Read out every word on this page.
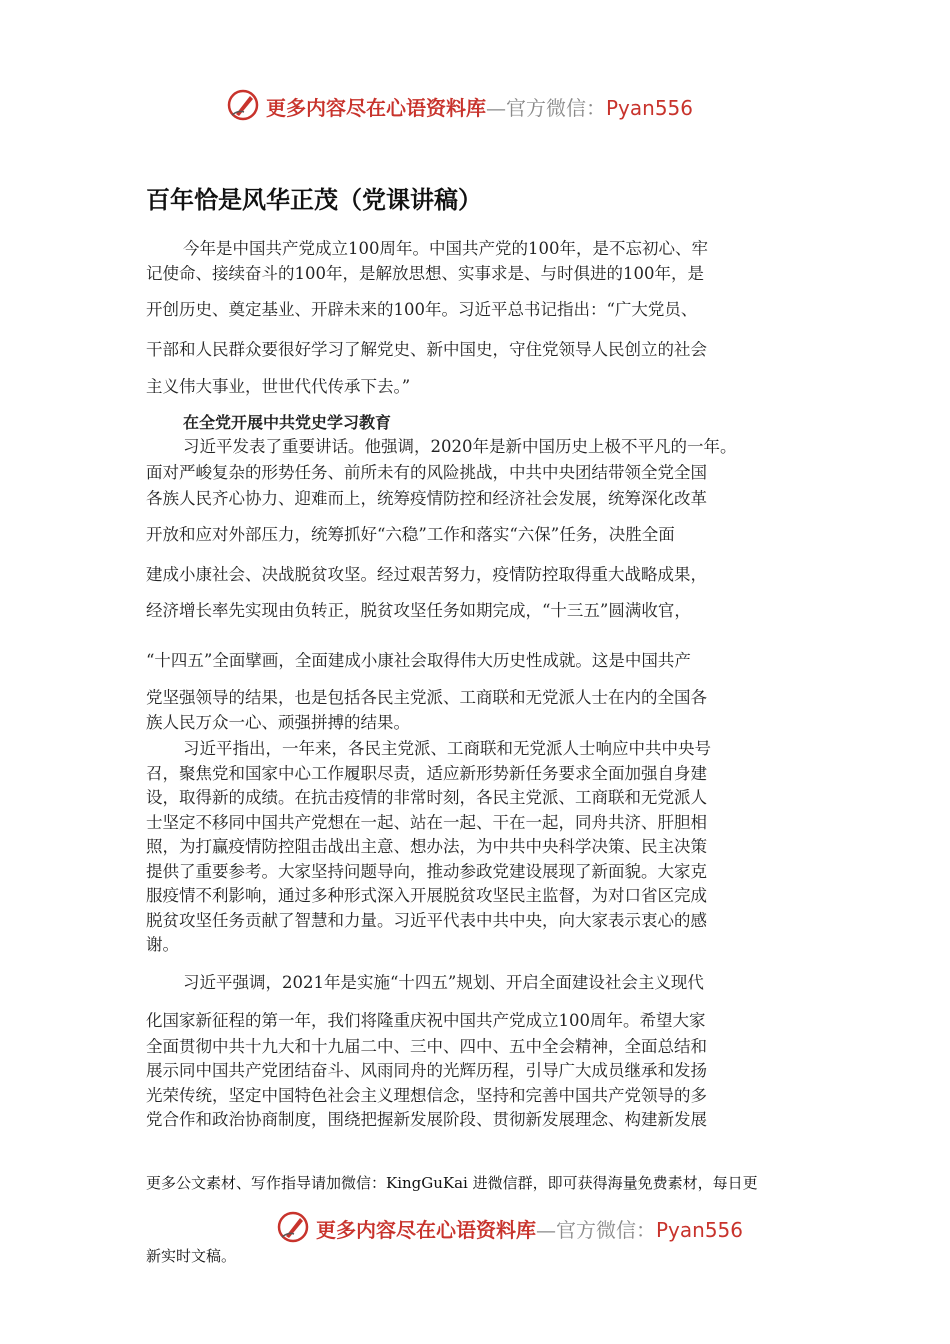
更多内容尽在心语资料库—官方微信：Pyan556
百年恰是风华正茂（党课讲稿）
今年是中国共产党成立100周年。中国共产党的100年，是不忘初心、牢
记使命、接续奋斗的100年，是解放思想、实事求是、与时俱进的100年，是
开创历史、奠定基业、开辟未来的100年。习近平总书记指出：“广大党员、
干部和人民群众要很好学习了解党史、新中国史，守住党领导人民创立的社会
主义伟大事业，世世代代传承下去。”
在全党开展中共党史学习教育
习近平发表了重要讲话。他强调，2020年是新中国历史上极不平凡的一年。
面对严峻复杂的形势任务、前所未有的风险挑战，中共中央团结带领全党全国
各族人民齐心协力、迎难而上，统筹疫情防控和经济社会发展，统筹深化改革
开放和应对外部压力，统筹抓好“六稳”工作和落实“六保”任务，决胜全面
建成小康社会、决战脱贫攻坚。经过艰苦努力，疫情防控取得重大战略成果，
经济增长率先实现由负转正，脱贫攻坚任务如期完成，“十三五”圆满收官，
“十四五”全面擘画，全面建成小康社会取得伟大历史性成就。这是中国共产
党坚强领导的结果，也是包括各民主党派、工商联和无党派人士在内的全国各
族人民万众一心、顽强拼搏的结果。
习近平指出，一年来，各民主党派、工商联和无党派人士响应中共中央号
召，聚焦党和国家中心工作履职尽责，适应新形势新任务要求全面加强自身建
设，取得新的成绩。在抗击疫情的非常时刻，各民主党派、工商联和无党派人
士坚定不移同中国共产党想在一起、站在一起、干在一起，同舟共济、肝胆相
照，为打赢疫情防控阻击战出主意、想办法，为中共中央科学决策、民主决策
提供了重要参考。大家坚持问题导向，推动参政党建设展现了新面貌。大家克
服疫情不利影响，通过多种形式深入开展脱贫攻坚民主监督，为对口省区完成
脱贫攻坚任务贡献了智慧和力量。习近平代表中共中央，向大家表示衷心的感
谢。
习近平强调，2021年是实施“十四五”规划、开启全面建设社会主义现代
化国家新征程的第一年，我们将隆重庆祝中国共产党成立100周年。希望大家
全面贯彻中共十九大和十九届二中、三中、四中、五中全会精神，全面总结和
展示同中国共产党团结奋斗、风雨同舟的光辉历程，引导广大成员继承和发扬
光荣传统，坚定中国特色社会主义理想信念，坚持和完善中国共产党领导的多
党合作和政治协商制度，围绕把握新发展阶段、贯彻新发展理念、构建新发展
更多公文素材、写作指导请加微信：KingGuKai 进微信群，即可获得海量免费素材，每日更
更多内容尽在心语资料库—官方微信：Pyan556
新实时文稿。
